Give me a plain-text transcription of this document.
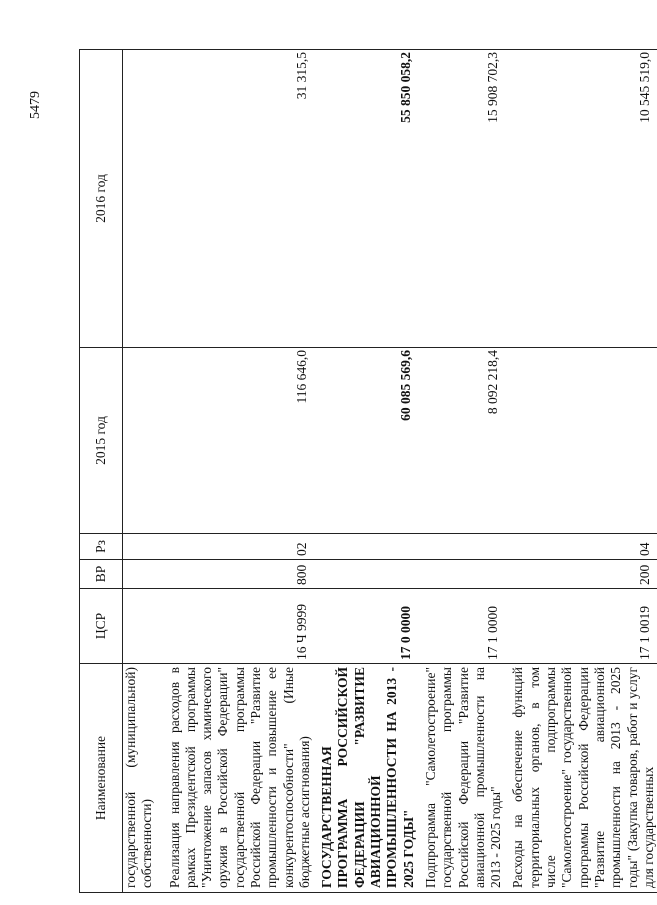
5479
Наименование	ЦСР	ВР	Рз	2015 год	2016 год
государственной (муниципальной) собственности)					
Реализация направления расходов в рамках Президентской программы "Уничтожение запасов химического оружия в Российской Федерации" государственной программы Российской Федерации "Развитие промышленности и повышение ее конкурентоспособности" (Иные бюджетные ассигнования)	16 Ч 9999	800	02	116 646,0	31 315,5
ГОСУДАРСТВЕННАЯ ПРОГРАММА РОССИЙСКОЙ ФЕДЕРАЦИИ "РАЗВИТИЕ АВИАЦИОННОЙ ПРОМЫШЛЕННОСТИ НА 2013 - 2025 ГОДЫ"	17 0 0000			60 085 569,6	55 850 058,2
Подпрограмма "Самолетостроение" государственной программы Российской Федерации "Развитие авиационной промышленности на 2013 - 2025 годы"	17 1 0000			8 092 218,4	15 908 702,3
Расходы на обеспечение функций территориальных органов, в том числе подпрограммы "Самолетостроение" государственной программы Российской Федерации "Развитие авиационной промышленности на 2013 - 2025 годы" (Закупка товаров, работ и услуг для государственных	17 1 0019	200	04		10 545 519,0
